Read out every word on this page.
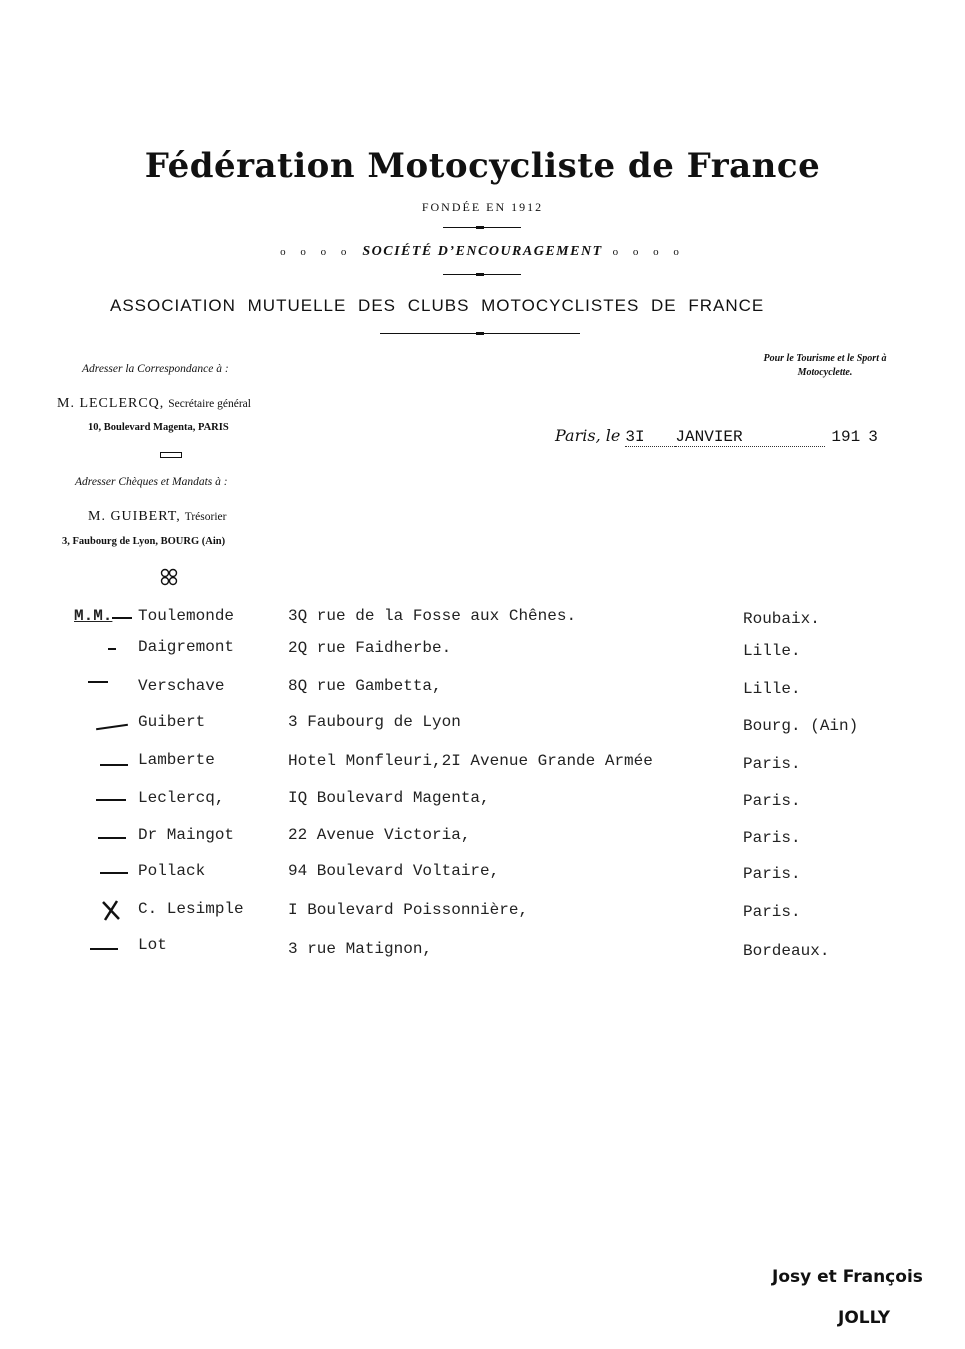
Fédération Motocycliste de France
FONDÉE EN 1912
o o o o SOCIÉTÉ D’ENCOURAGEMENT o o o o
ASSOCIATION MUTUELLE DES CLUBS MOTOCYCLISTES DE FRANCE
Adresser la Correspondance à :
M. LECLERCQ, Secrétaire général
10, Boulevard Magenta, PARIS
Adresser Chèques et Mandats à :
M. GUIBERT, Trésorier
3, Faubourg de Lyon, BOURG (Ain)
Pour le Tourisme et le Sport à Motocyclette.
Paris, le 3I JANVIER	191 3
M.M. Toulemonde	3Q rue de la Fosse aux Chênes.	Roubaix.
Daigremont	2Q rue Faidherbe.	Lille.
Verschave	8Q rue Gambetta,	Lille.
Guibert	3 Faubourg de Lyon	Bourg. (Ain)
Lamberte	Hotel Monfleuri,2I Avenue Grande Armée	Paris.
Leclercq,	IQ Boulevard Magenta,	Paris.
Dr Maingot	22 Avenue Victoria,	Paris.
Pollack	94 Boulevard Voltaire,	Paris.
C. Lesimple	I Boulevard Poissonnière,	Paris.
Lot	3 rue Matignon,	Bordeaux.
Josy et François
JOLLY
